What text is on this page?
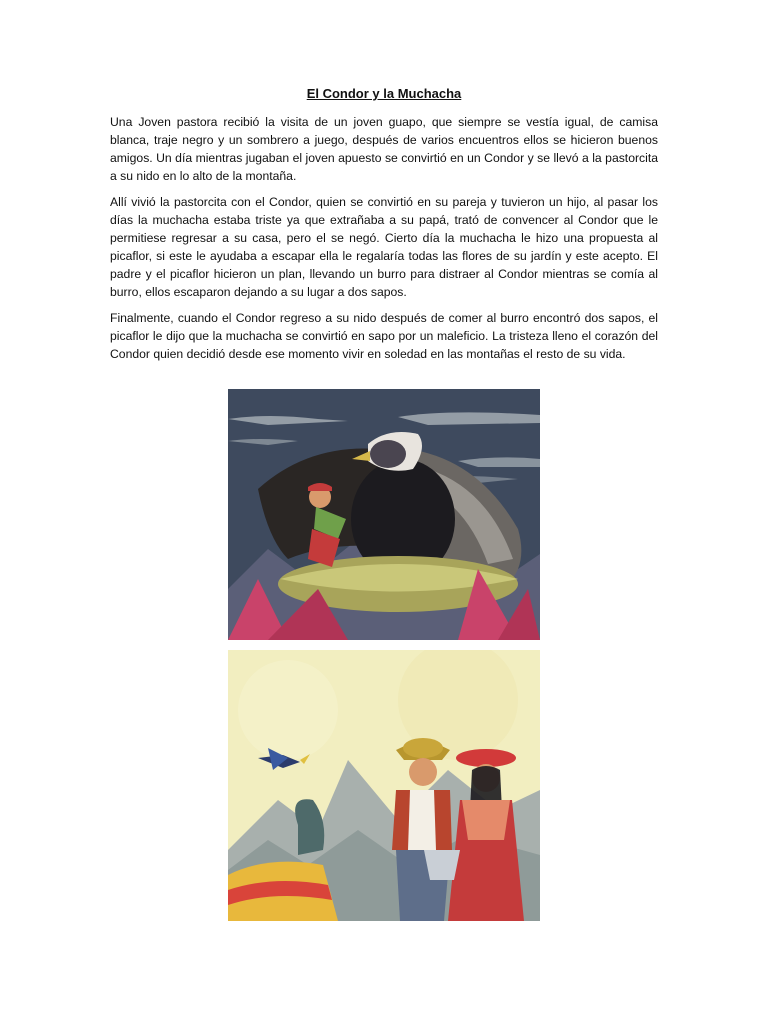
El Condor y la Muchacha

Una Joven pastora recibió la visita de un joven guapo, que siempre se vestía igual, de camisa blanca, traje negro y un sombrero a juego, después de varios encuentros ellos se hicieron buenos amigos. Un día mientras jugaban el joven apuesto se convirtió en un Condor y se llevó a la pastorcita a su nido en lo alto de la montaña.

Allí vivió la pastorcita con el Condor, quien se convirtió en su pareja y tuvieron un hijo, al pasar los días la muchacha estaba triste ya que extrañaba a su papá, trató de convencer al Condor que le permitiese regresar a su casa, pero el se negó. Cierto día la muchacha le hizo una propuesta al picaflor, si este le ayudaba a escapar ella le regalaría todas las flores de su jardín y este acepto. El padre y el picaflor hicieron un plan, llevando un burro para distraer al Condor mientras se comía al burro, ellos escaparon dejando a su lugar a dos sapos.

Finalmente, cuando el Condor regreso a su nido después de comer al burro encontró dos sapos, el picaflor le dijo que la muchacha se convirtió en sapo por un maleficio. La tristeza lleno el corazón del Condor quien decidió desde ese momento vivir en soledad en las montañas el resto de su vida.
